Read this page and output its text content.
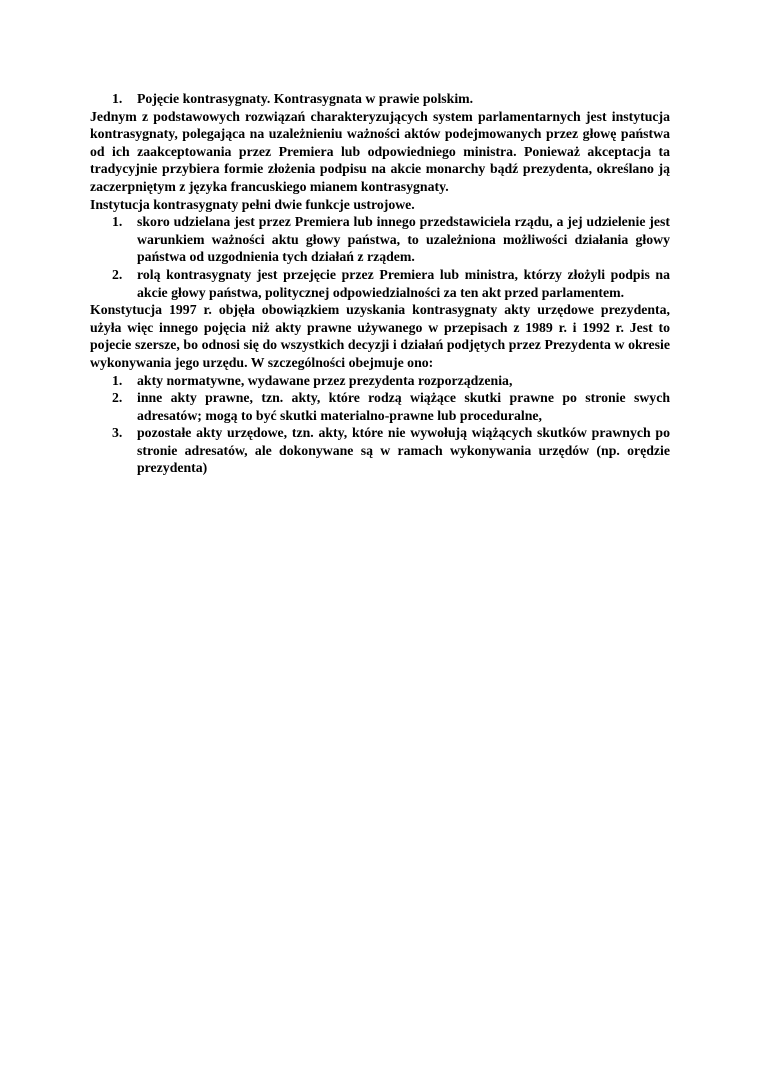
1.	Pojęcie kontrasygnaty. Kontrasygnata w prawie polskim.

Jednym z podstawowych rozwiązań charakteryzujących system parlamentarnych jest instytucja kontrasygnaty, polegająca na uzależnieniu ważności aktów podejmowanych przez głowę państwa od ich zaakceptowania przez Premiera lub odpowiedniego ministra. Ponieważ akceptacja ta tradycyjnie przybiera formie złożenia podpisu na akcie monarchy bądź prezydenta, określano ją zaczerpniętym z języka francuskiego mianem kontrasygnaty.

Instytucja kontrasygnaty pełni dwie funkcje ustrojowe.

1.	skoro udzielana jest przez Premiera lub innego przedstawiciela rządu, a jej udzielenie jest warunkiem ważności aktu głowy państwa, to uzależniona możliwości działania głowy państwa od uzgodnienia tych działań z rządem.
2.	rolą kontrasygnaty jest przejęcie przez Premiera lub ministra, którzy złożyli podpis na akcie głowy państwa, politycznej odpowiedzialności za ten akt przed parlamentem.

Konstytucja 1997 r. objęła obowiązkiem uzyskania kontrasygnaty akty urzędowe prezydenta, użyła więc innego pojęcia niż akty prawne używanego w przepisach z 1989 r. i 1992 r. Jest to pojecie szersze, bo odnosi się do wszystkich decyzji i działań podjętych przez Prezydenta w okresie wykonywania jego urzędu. W szczególności obejmuje ono:

1.	akty normatywne, wydawane przez prezydenta rozporządzenia,
2.	inne akty prawne, tzn. akty, które rodzą wiążące skutki prawne po stronie swych adresatów; mogą to być skutki materialno-prawne lub proceduralne,
3.	pozostałe akty urzędowe, tzn. akty, które nie wywołują wiążących skutków prawnych po stronie adresatów, ale dokonywane są w ramach wykonywania urzędów (np. orędzie prezydenta)
